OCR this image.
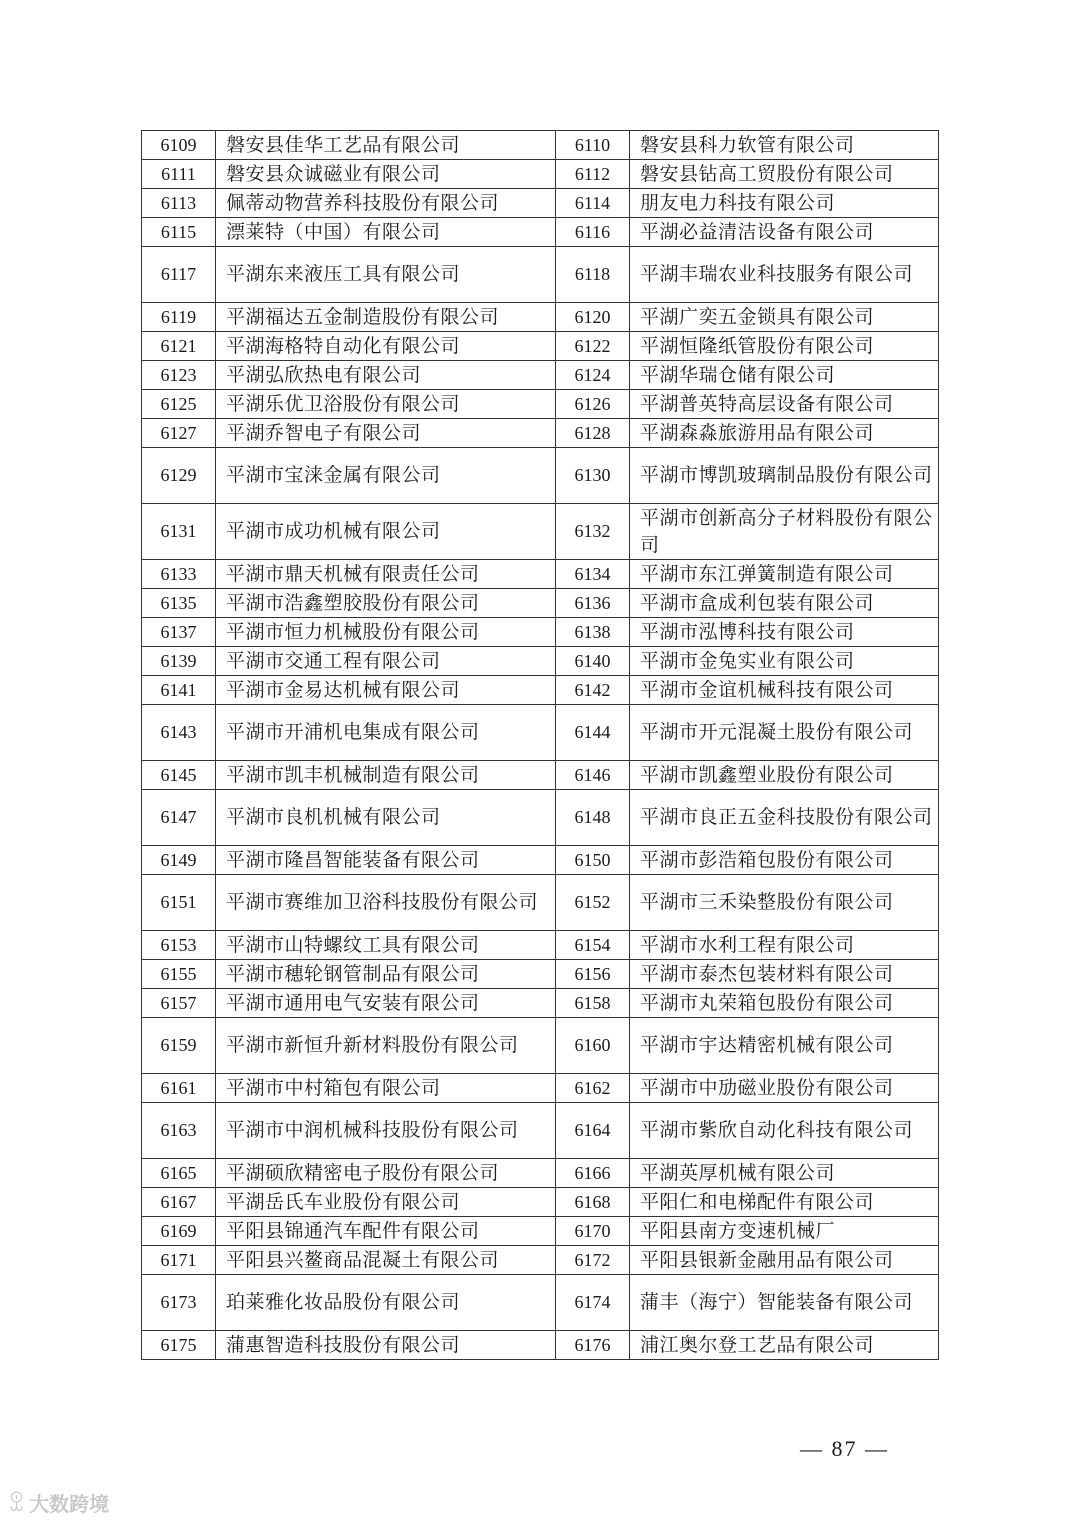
6109	磐安县佳华工艺品有限公司	6110	磐安县科力软管有限公司
6111	磐安县众诚磁业有限公司	6112	磐安县钻高工贸股份有限公司
6113	佩蒂动物营养科技股份有限公司	6114	朋友电力科技有限公司
6115	漂莱特（中国）有限公司	6116	平湖必益清洁设备有限公司
6117	平湖东来液压工具有限公司	6118	平湖丰瑞农业科技服务有限公司
6119	平湖福达五金制造股份有限公司	6120	平湖广奕五金锁具有限公司
6121	平湖海格特自动化有限公司	6122	平湖恒隆纸管股份有限公司
6123	平湖弘欣热电有限公司	6124	平湖华瑞仓储有限公司
6125	平湖乐优卫浴股份有限公司	6126	平湖普英特高层设备有限公司
6127	平湖乔智电子有限公司	6128	平湖森淼旅游用品有限公司
6129	平湖市宝涞金属有限公司	6130	平湖市博凯玻璃制品股份有限公司
6131	平湖市成功机械有限公司	6132	平湖市创新高分子材料股份有限公司
6133	平湖市鼎天机械有限责任公司	6134	平湖市东江弹簧制造有限公司
6135	平湖市浩鑫塑胶股份有限公司	6136	平湖市盒成利包装有限公司
6137	平湖市恒力机械股份有限公司	6138	平湖市泓博科技有限公司
6139	平湖市交通工程有限公司	6140	平湖市金兔实业有限公司
6141	平湖市金易达机械有限公司	6142	平湖市金谊机械科技有限公司
6143	平湖市开浦机电集成有限公司	6144	平湖市开元混凝土股份有限公司
6145	平湖市凯丰机械制造有限公司	6146	平湖市凯鑫塑业股份有限公司
6147	平湖市良机机械有限公司	6148	平湖市良正五金科技股份有限公司
6149	平湖市隆昌智能装备有限公司	6150	平湖市彭浩箱包股份有限公司
6151	平湖市赛维加卫浴科技股份有限公司	6152	平湖市三禾染整股份有限公司
6153	平湖市山特螺纹工具有限公司	6154	平湖市水利工程有限公司
6155	平湖市穗轮钢管制品有限公司	6156	平湖市泰杰包装材料有限公司
6157	平湖市通用电气安装有限公司	6158	平湖市丸荣箱包股份有限公司
6159	平湖市新恒升新材料股份有限公司	6160	平湖市宇达精密机械有限公司
6161	平湖市中村箱包有限公司	6162	平湖市中劢磁业股份有限公司
6163	平湖市中润机械科技股份有限公司	6164	平湖市紫欣自动化科技有限公司
6165	平湖硕欣精密电子股份有限公司	6166	平湖英厚机械有限公司
6167	平湖岳氏车业股份有限公司	6168	平阳仁和电梯配件有限公司
6169	平阳县锦通汽车配件有限公司	6170	平阳县南方变速机械厂
6171	平阳县兴鳌商品混凝土有限公司	6172	平阳县银新金融用品有限公司
6173	珀莱雅化妆品股份有限公司	6174	蒲丰（海宁）智能装备有限公司
6175	蒲惠智造科技股份有限公司	6176	浦江奥尔登工艺品有限公司
— 87 —
ꀾ 大数跨境
